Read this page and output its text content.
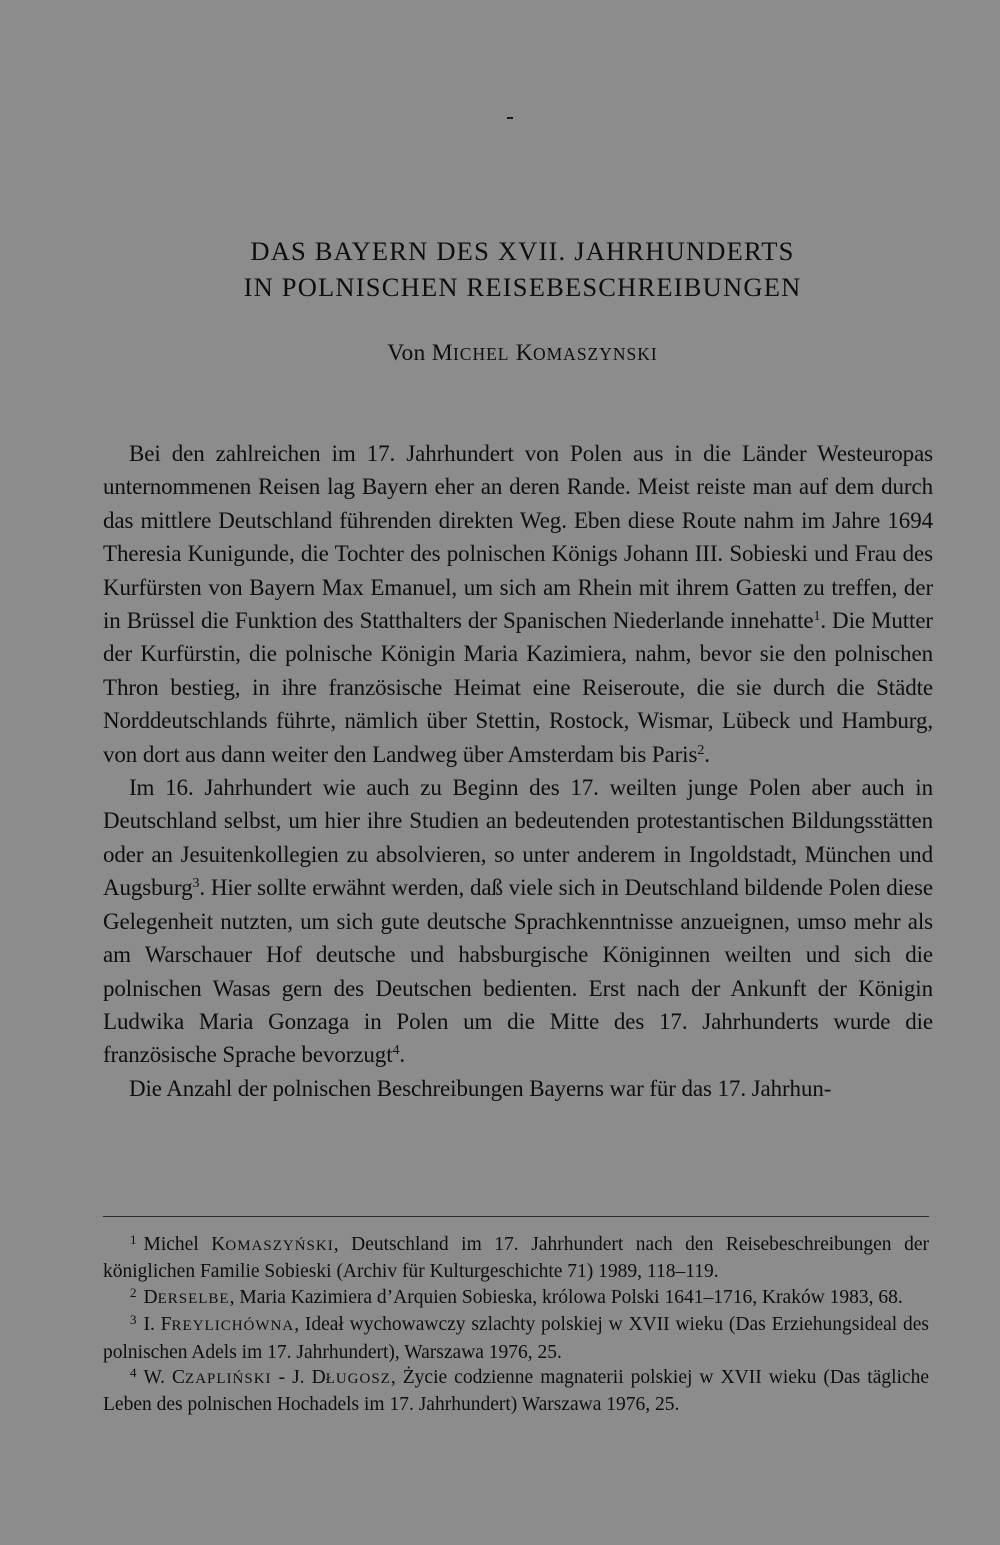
DAS BAYERN DES XVII. JAHRHUNDERTS
IN POLNISCHEN REISEBESCHREIBUNGEN
Von MICHEL KOMASZYNSKI

Bei den zahlreichen im 17. Jahrhundert von Polen aus in die Länder Westeuropas unternommenen Reisen lag Bayern eher an deren Rande. Meist reiste man auf dem durch das mittlere Deutschland führenden direkten Weg. Eben diese Route nahm im Jahre 1694 Theresia Kunigunde, die Tochter des polnischen Königs Johann III. Sobieski und Frau des Kurfürsten von Bayern Max Emanuel, um sich am Rhein mit ihrem Gatten zu treffen, der in Brüssel die Funktion des Statthalters der Spanischen Niederlande innehatte$^1$. Die Mutter der Kurfürstin, die polnische Königin Maria Kazimiera, nahm, bevor sie den polnischen Thron bestieg, in ihre französische Heimat eine Reiseroute, die sie durch die Städte Norddeutschlands führte, nämlich über Stettin, Rostock, Wismar, Lübeck und Hamburg, von dort aus dann weiter den Landweg über Amsterdam bis Paris$^2$.

Im 16. Jahrhundert wie auch zu Beginn des 17. weilten junge Polen aber auch in Deutschland selbst, um hier ihre Studien an bedeutenden protestantischen Bildungsstätten oder an Jesuitenkollegien zu absolvieren, so unter anderem in Ingoldstadt, München und Augsburg$^3$. Hier sollte erwähnt werden, daß viele sich in Deutschland bildende Polen diese Gelegenheit nutzten, um sich gute deutsche Sprachkenntnisse anzueignen, umso mehr als am Warschauer Hof deutsche und habsburgische Königinnen weilten und sich die polnischen Wasas gern des Deutschen bedienten. Erst nach der Ankunft der Königin Ludwika Maria Gonzaga in Polen um die Mitte des 17. Jahrhunderts wurde die französische Sprache bevorzugt$^4$.

Die Anzahl der polnischen Beschreibungen Bayerns war für das 17. Jahrhun-

$^1$ Michel KOMASZYŃSKI, Deutschland im 17. Jahrhundert nach den Reisebeschreibungen der königlichen Familie Sobieski (Archiv für Kulturgeschichte 71) 1989, 118–119.

$^2$ DERSELBE, Maria Kazimiera d’Arquien Sobieska, królowa Polski 1641–1716, Kraków 1983, 68.

$^3$ I. FREYLICHÓWNA, Ideał wychowawczy szlachty polskiej w XVII wieku (Das Erziehungsideal des polnischen Adels im 17. Jahrhundert), Warszawa 1976, 25.

$^4$ W. CZAPLIŃSKI - J. DŁUGOSZ, Życie codzienne magnaterii polskiej w XVII wieku (Das tägliche Leben des polnischen Hochadels im 17. Jahrhundert) Warszawa 1976, 25.
